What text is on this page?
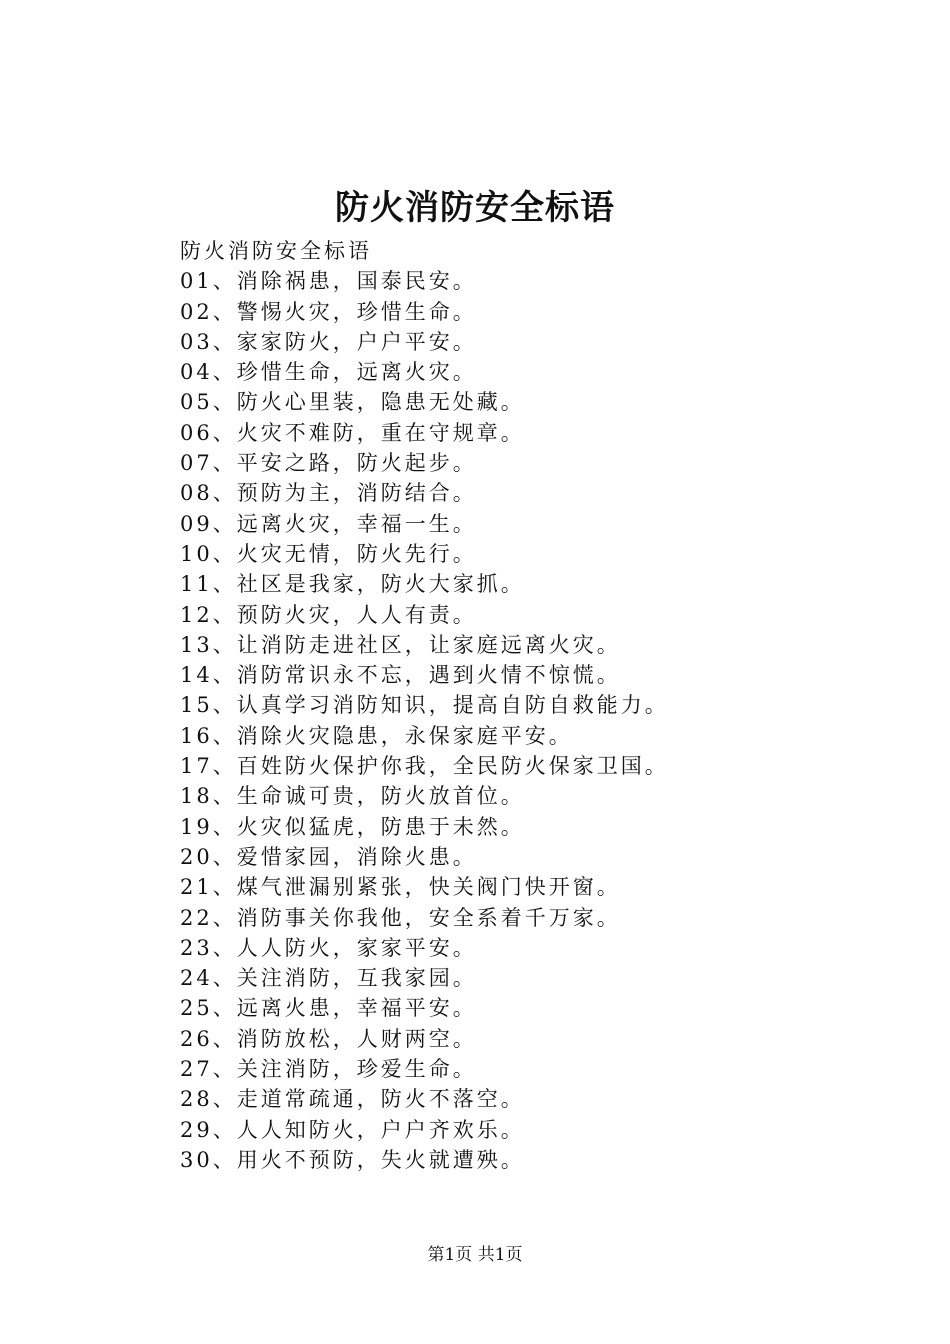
防火消防安全标语

防火消防安全标语

01、消除祸患，国泰民安。
02、警惕火灾，珍惜生命。
03、家家防火，户户平安。
04、珍惜生命，远离火灾。
05、防火心里装，隐患无处藏。
06、火灾不难防，重在守规章。
07、平安之路，防火起步。
08、预防为主，消防结合。
09、远离火灾，幸福一生。
10、火灾无情，防火先行。
11、社区是我家，防火大家抓。
12、预防火灾，人人有责。
13、让消防走进社区，让家庭远离火灾。
14、消防常识永不忘，遇到火情不惊慌。
15、认真学习消防知识，提高自防自救能力。
16、消除火灾隐患，永保家庭平安。
17、百姓防火保护你我，全民防火保家卫国。
18、生命诚可贵，防火放首位。
19、火灾似猛虎，防患于未然。
20、爱惜家园，消除火患。
21、煤气泄漏别紧张，快关阀门快开窗。
22、消防事关你我他，安全系着千万家。
23、人人防火，家家平安。
24、关注消防，互我家园。
25、远离火患，幸福平安。
26、消防放松，人财两空。
27、关注消防，珍爱生命。
28、走道常疏通，防火不落空。
29、人人知防火，户户齐欢乐。
30、用火不预防，失火就遭殃。
第1页 共1页
